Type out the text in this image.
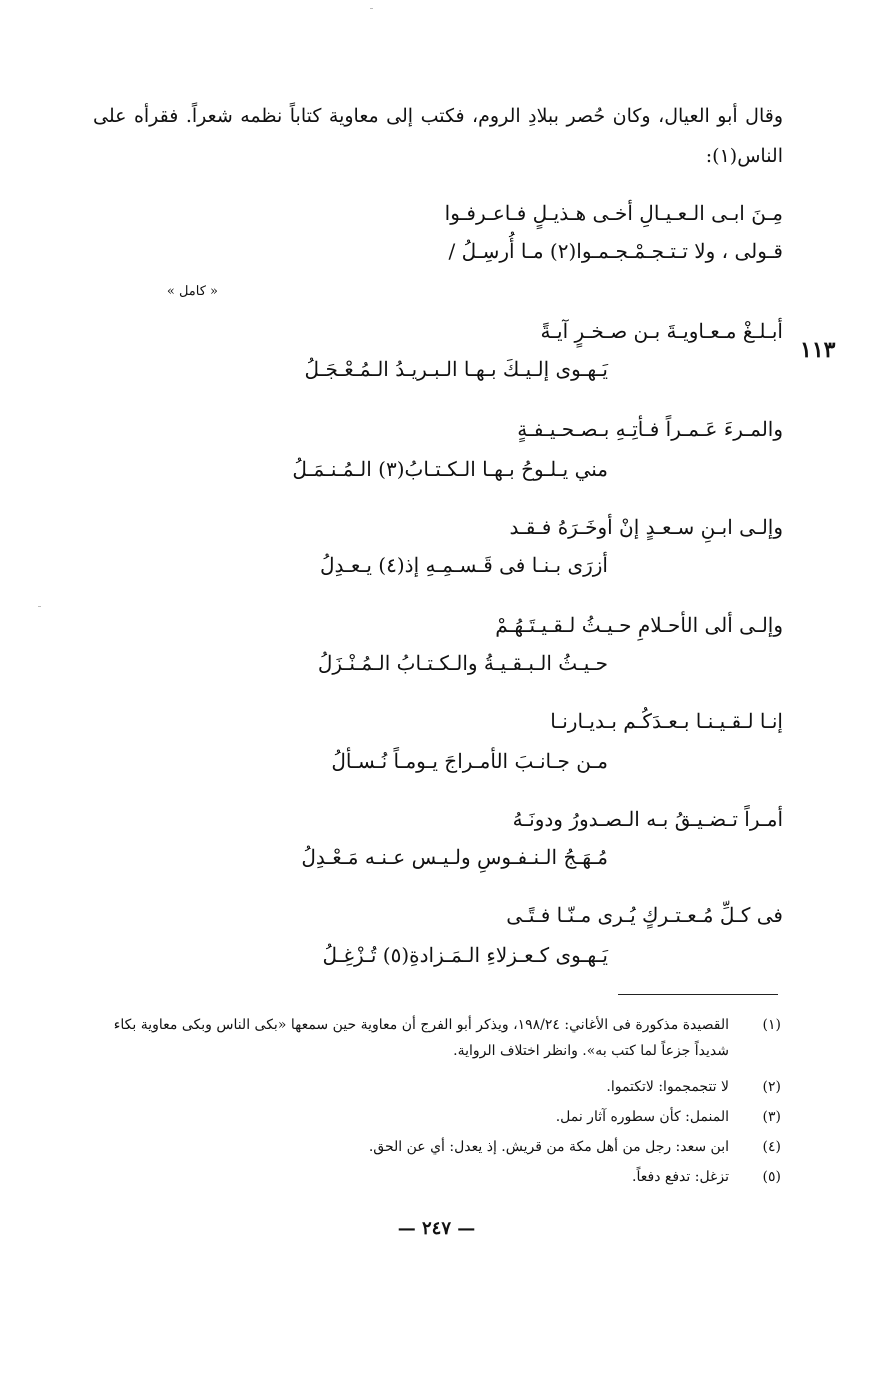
وقال أبو العيال، وكان حُصر ببلادِ الروم، فكتب إلى معاوية كتاباً نظمه شعراً. فقرأه على الناس(١):
مِـنَ ابـى الـعـيـالِ أخـى هـذيـلٍ فـاعـرفـوا
قـولى ، ولا تـتـجـمْـجـمـوا(٢) مـا أُرسِـلُ /
« كامل »
١١٣
أبـلـغْ مـعـاويـةَ بـن صـخـرٍ آيـةً
يَـهـوى إلـيـكَ بـهـا الـبـريـدُ الـمُـعْـجَـلُ
والمـرءَ عَـمـراً فـأتِـهِ بـصـحـيـفـةٍ
مني يـلـوحُ بـهـا الـكـتـابُ(٣) الـمُـنـمَـلُ
وإلـى ابـنِ سـعـدٍ إنْ أوخَـرَهُ فـقـد
أزرَى بـنـا فى قَـسـمِـهِ إذ(٤) يـعـدِلُ
وإلـى ألى الأحـلامِ حـيـثُ لـقـيـتَـهُـمْ
حـيـثُ الـبـقـيـةُ والـكـتـابُ الـمُـنْـزَلُ
إنـا لـقـيـنـا بـعـدَكُـم بـديـارنـا
مـن جـانـبَ الأمـراجَ يـومـاً نُـسـألُ
أمـراً تـضـيـقُ بـه الـصـدورُ ودونَـهُ
مُـهَـجُ الـنـفـوسِ ولـيـس عـنـه مَـعْـدِلُ
فى كـلِّ مُـعـتـركٍ يُـرى مـنّـا فـتًـى
يَـهـوى كـعـزلاءِ الـمَـزادةِ(٥) تُـزْغِـلُ
(١)
القصيدة مذكورة فى الأغاني: ١٩٨/٢٤، ويذكر أبو الفرج أن معاوية حين سمعها «بكى الناس وبكى معاوية بكاء شديداً جزعاً لما كتب به». وانظر اختلاف الرواية.
(٢)
لا تتجمجموا: لاتكتموا.
(٣)
المنمل: كأن سطوره آثار نمل.
(٤)
ابن سعد: رجل من أهل مكة من قريش. إذ يعدل: أي عن الحق.
(٥)
تزغل: تدفع دفعاً.
— ٢٤٧ —
